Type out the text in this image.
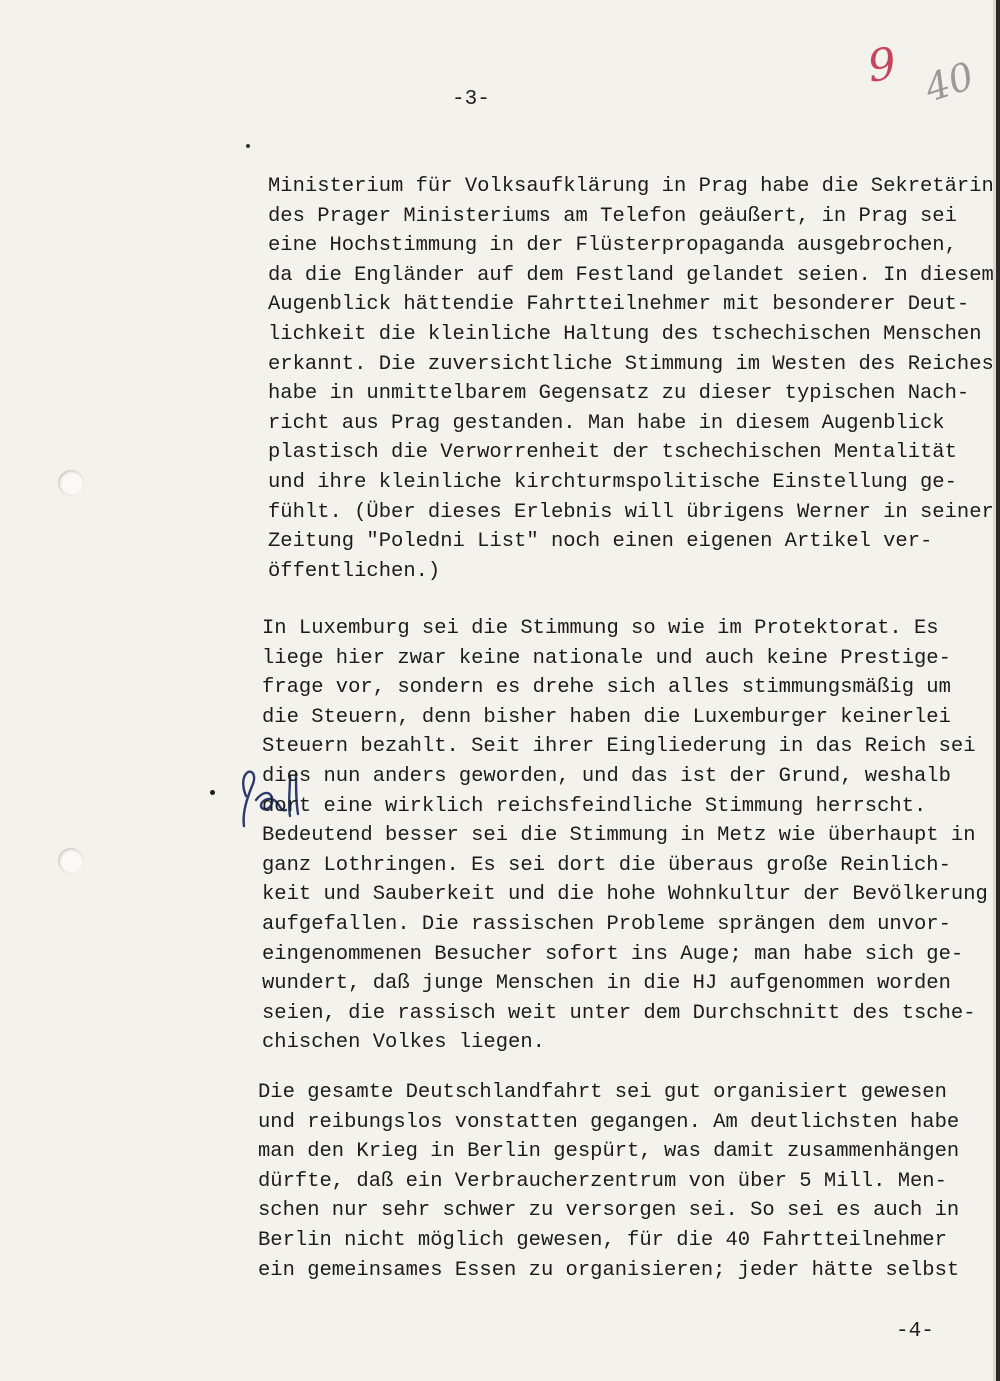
-3-
9 40
Ministerium für Volksaufklärung in Prag habe die Sekretärin
des Prager Ministeriums am Telefon geäußert, in Prag sei
eine Hochstimmung in der Flüsterpropaganda ausgebrochen,
da die Engländer auf dem Festland gelandet seien. In diesem
Augenblick hättendie Fahrtteilnehmer mit besonderer Deut-
lichkeit die kleinliche Haltung des tschechischen Menschen
erkannt. Die zuversichtliche Stimmung im Westen des Reiches
habe in unmittelbarem Gegensatz zu dieser typischen Nach-
richt aus Prag gestanden. Man habe in diesem Augenblick
plastisch die Verworrenheit der tschechischen Mentalität
und ihre kleinliche kirchturmspolitische Einstellung ge-
fühlt. (Über dieses Erlebnis will übrigens Werner in seiner
Zeitung "Poledni List" noch einen eigenen Artikel ver-
öffentlichen.)
In Luxemburg sei die Stimmung so wie im Protektorat. Es
liege hier zwar keine nationale und auch keine Prestige-
frage vor, sondern es drehe sich alles stimmungsmäßig um
die Steuern, denn bisher haben die Luxemburger keinerlei
Steuern bezahlt. Seit ihrer Eingliederung in das Reich sei
dies nun anders geworden, und das ist der Grund, weshalb
dort eine wirklich reichsfeindliche Stimmung herrscht.
Bedeutend besser sei die Stimmung in Metz wie überhaupt in
ganz Lothringen. Es sei dort die überaus große Reinlich-
keit und Sauberkeit und die hohe Wohnkultur der Bevölkerung
aufgefallen. Die rassischen Probleme sprängen dem unvor-
eingenommenen Besucher sofort ins Auge; man habe sich ge-
wundert, daß junge Menschen in die HJ aufgenommen worden
seien, die rassisch weit unter dem Durchschnitt des tsche-
chischen Volkes liegen.
Die gesamte Deutschlandfahrt sei gut organisiert gewesen
und reibungslos vonstatten gegangen. Am deutlichsten habe
man den Krieg in Berlin gespürt, was damit zusammenhängen
dürfte, daß ein Verbraucherzentrum von über 5 Mill. Men-
schen nur sehr schwer zu versorgen sei. So sei es auch in
Berlin nicht möglich gewesen, für die 40 Fahrtteilnehmer
ein gemeinsames Essen zu organisieren; jeder hätte selbst
-4-
